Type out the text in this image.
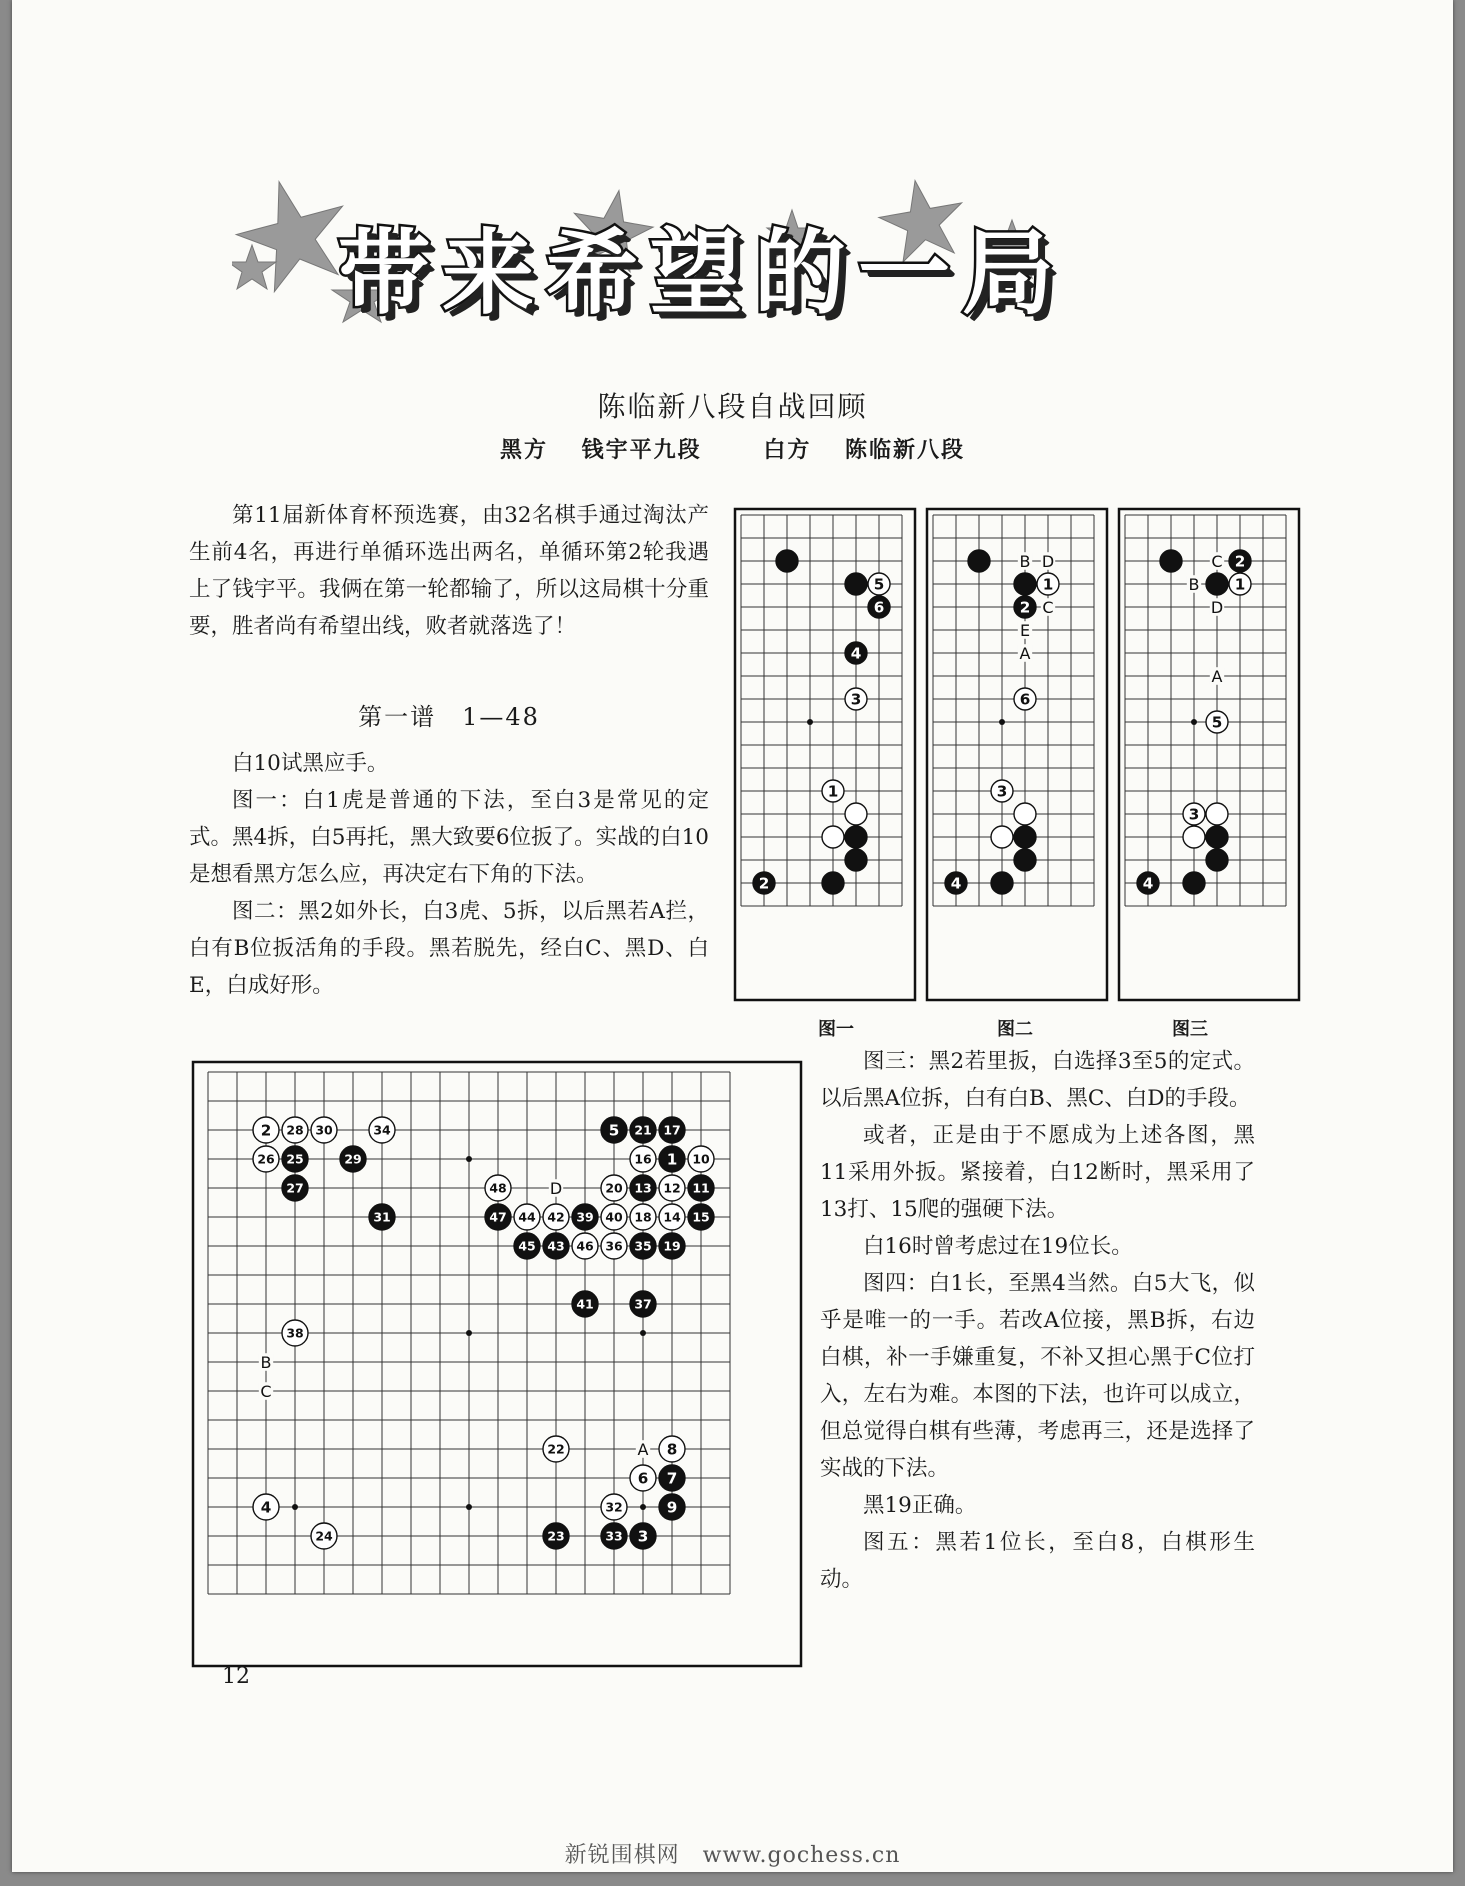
带来希望的一局
陈临新八段自战回顾
黑方 钱宇平九段	白方 陈临新八段

第11届新体育杯预选赛，由32名棋手通过淘汰产生前4名，再进行单循环选出两名，单循环第2轮我遇上了钱宇平。我俩在第一轮都输了，所以这局棋十分重要，胜者尚有希望出线，败者就落选了！

第一谱　1—48

白10试黑应手。

图一：白1虎是普通的下法，至白3是常见的定式。黑4拆，白5再托，黑大致要6位扳了。实战的白10是想看黑方怎么应，再决定右下角的下法。

图二：黑2如外长，白3虎、5拆，以后黑若A拦，白有B位扳活角的手段。黑若脱先，经白C、黑D、白E，白成好形。

5
6
4
3
1
2
B D
C
E
A
1
2
6
3
4
C
B
D
A
2
1
5
3
4
图一	图二	图三
D
B
C
A
2 28 30	34
26 25	29
27
31
5 21 17
16 1 10
48	20 13 12 11
47 44 42 39 40 18 14 15
45 43 46 36 35 19
41	37
38
22	8
6 7
4	32	9
24	23	33 3

图三：黑2若里扳，白选择3至5的定式。以后黑A位拆，白有白B、黑C、白D的手段。

或者，正是由于不愿成为上述各图，黑11采用外扳。紧接着，白12断时，黑采用了13打、15爬的强硬下法。

白16时曾考虑过在19位长。

图四：白1长，至黑4当然。白5大飞，似乎是唯一的一手。若改A位接，黑B拆，右边白棋，补一手嫌重复，不补又担心黑于C位打入，左右为难。本图的下法，也许可以成立，但总觉得白棋有些薄，考虑再三，还是选择了实战的下法。

黑19正确。

图五：黑若1位长，至白8，白棋形生动。

12
新锐围棋网　www.gochess.cn
